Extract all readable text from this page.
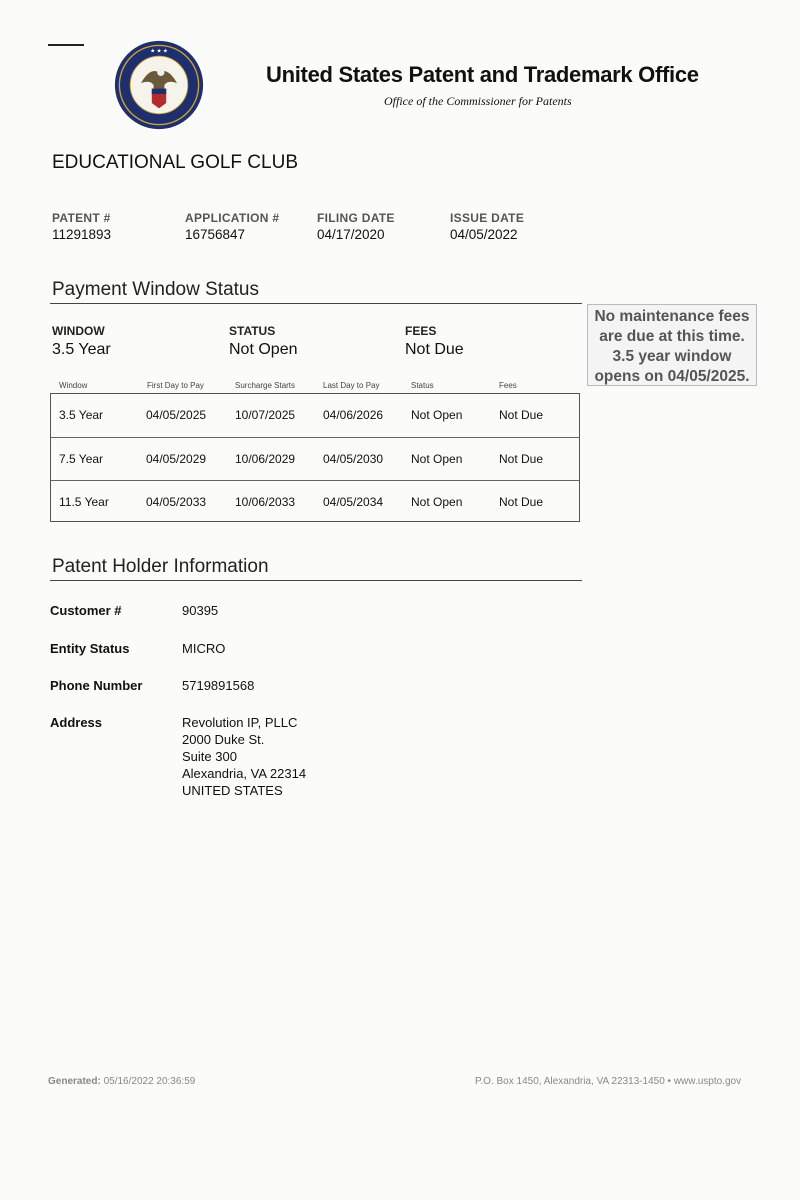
★ ★ ★
United States Patent and Trademark Office
Office of the Commissioner for Patents
EDUCATIONAL GOLF CLUB
PATENT #
11291893
APPLICATION #
16756847
FILING DATE
04/17/2020
ISSUE DATE
04/05/2022
Payment Window Status
No maintenance fees are due at this time. 3.5 year window opens on 04/05/2025.
WINDOW
3.5 Year
STATUS
Not Open
FEES
Not Due
Window	First Day to Pay	Surcharge Starts	Last Day to Pay	Status	Fees
3.5 Year	04/05/2025 10/07/2025 04/06/2026 Not Open	Not Due
7.5 Year	04/05/2029 10/06/2029 04/05/2030 Not Open	Not Due
11.5 Year	04/05/2033 10/06/2033 04/05/2034 Not Open	Not Due
Patent Holder Information
Customer #	90395
Entity Status	MICRO
Phone Number	5719891568
Address	Revolution IP, PLLC
2000 Duke St.
Suite 300
Alexandria, VA 22314
UNITED STATES
Generated: 05/16/2022 20:36:59	P.O. Box 1450, Alexandria, VA 22313-1450 • www.uspto.gov
